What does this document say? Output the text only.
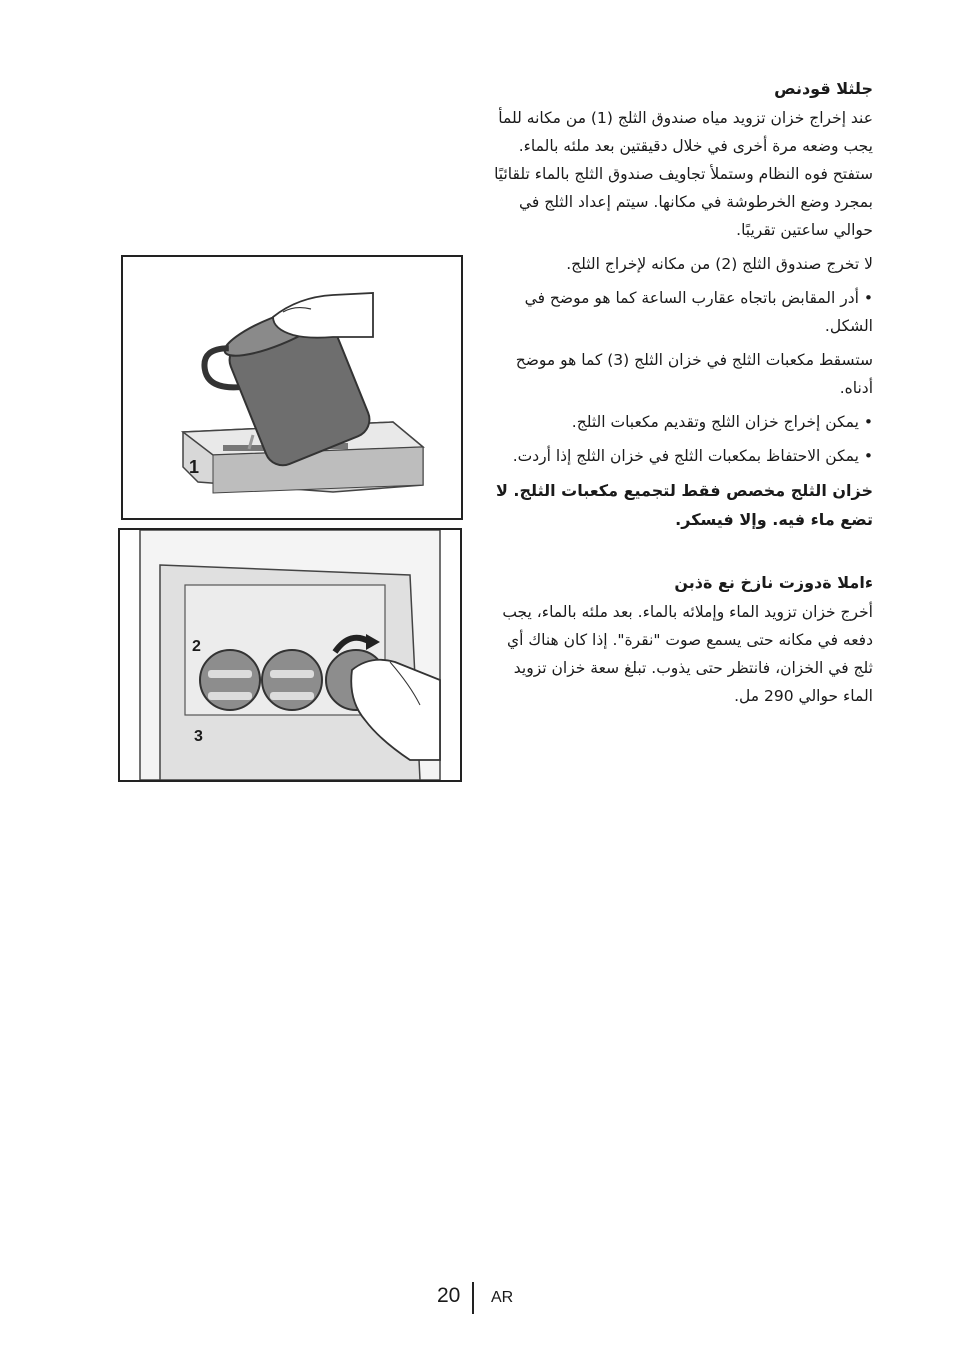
1
2
3
جلثلا قودنص
عند إخراج خزان تزويد مياه صندوق الثلج (1) من مكانه للمأ يجب وضعه مرة أخرى في خلال دقيقتين بعد ملئه بالماء. ستفتح فوه النظام وستملأ تجاويف صندوق الثلج بالماء تلقائيًا بمجرد وضع الخرطوشة في مكانها. سيتم إعداد الثلج في حوالي ساعتين تقريبًا.
لا تخرج صندوق الثلج (2) من مكانه لإخراج الثلج.
• أدر المقابض باتجاه عقارب الساعة كما هو موضح في الشكل.
ستسقط مكعبات الثلج في خزان الثلج (3) كما هو موضح أدناه.
• يمكن إخراج خزان الثلج وتقديم مكعبات الثلج.
• يمكن الاحتفاظ بمكعبات الثلج في خزان الثلج إذا أردت.
خزان الثلج مخصص فقط لتجميع مكعبات الثلج. لا تضع ماء فيه. وإلا فيسكر.
ءاملا ةدوزت نازخ نع ةذبن
أخرج خزان تزويد الماء وإملائه بالماء. بعد ملئه بالماء، يجب دفعه في مكانه حتى يسمع صوت "نقرة". إذا كان هناك أي ثلج في الخزان، فانتظر حتى يذوب. تبلغ سعة خزان تزويد الماء حوالي 290 مل.
20 AR
